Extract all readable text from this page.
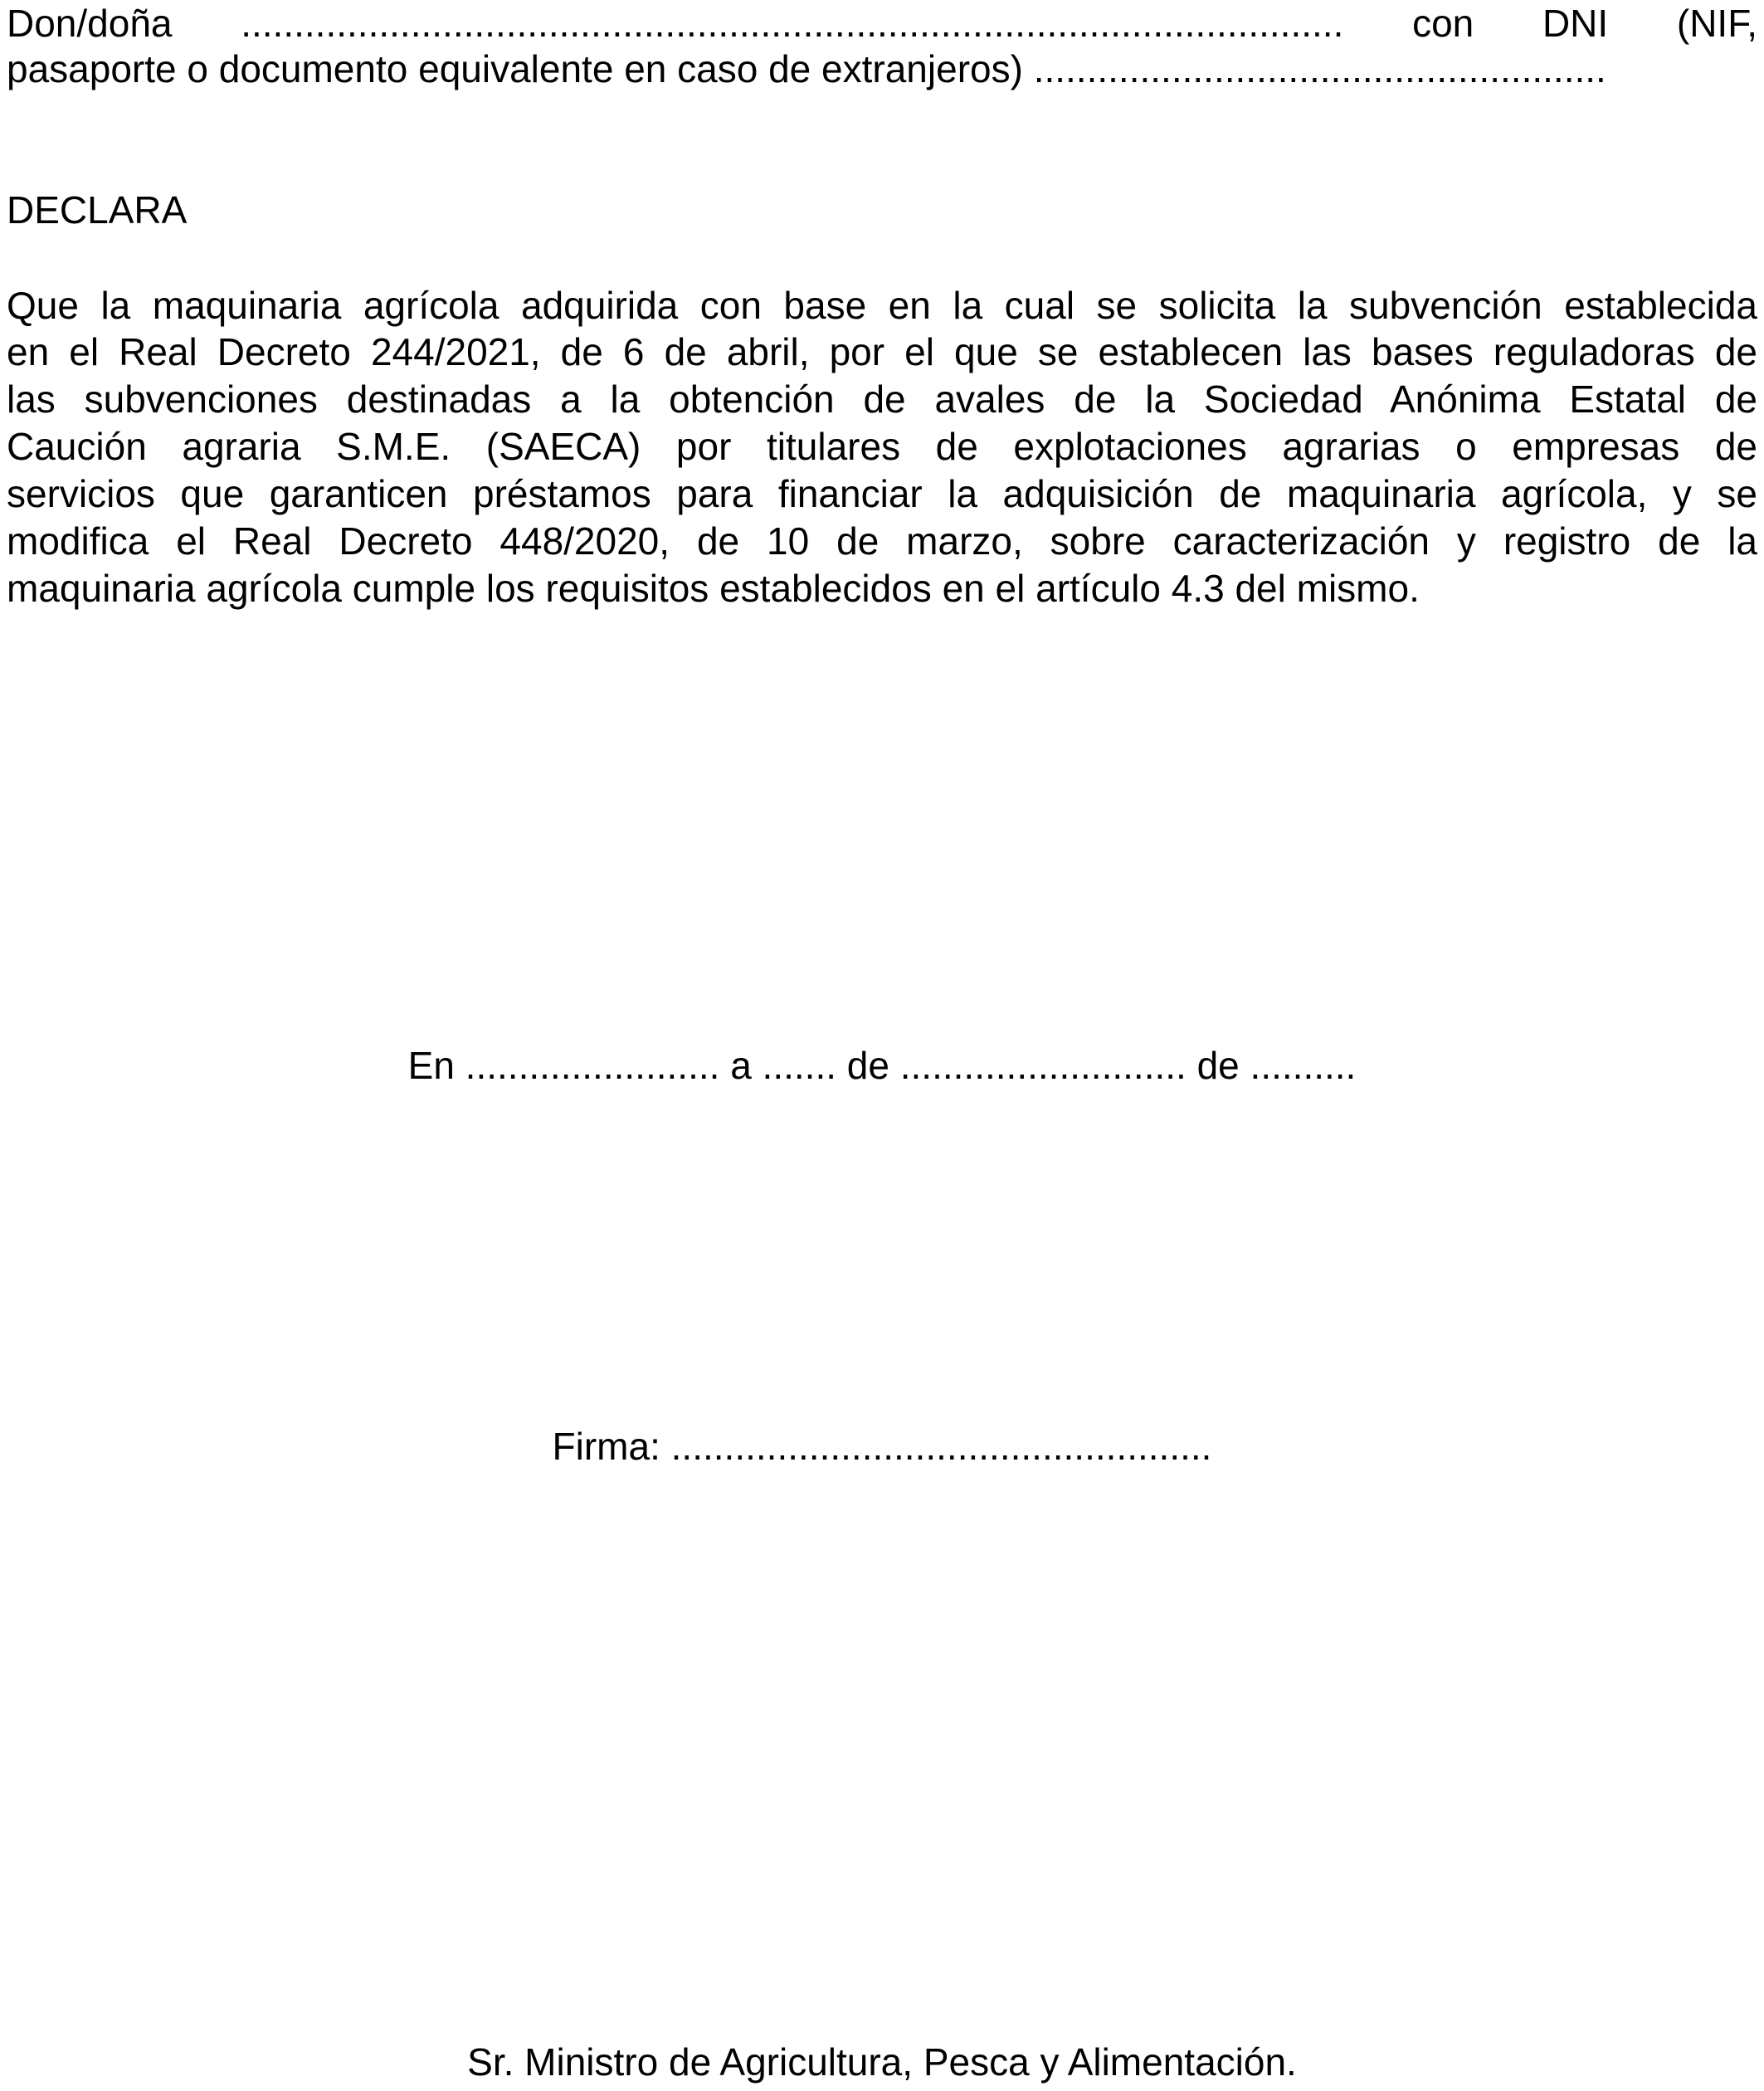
Don/doña ........................................................................................................ con DNI (NIF,
pasaporte o documento equivalente en caso de extranjeros) ......................................................
DECLARA
Que la maquinaria agrícola adquirida con base en la cual se solicita la subvención establecida
en el Real Decreto 244/2021, de 6 de abril, por el que se establecen las bases reguladoras de
las subvenciones destinadas a la obtención de avales de la Sociedad Anónima Estatal de
Caución agraria S.M.E. (SAECA) por titulares de explotaciones agrarias o empresas de
servicios que garanticen préstamos para financiar la adquisición de maquinaria agrícola, y se
modifica el Real Decreto 448/2020, de 10 de marzo, sobre caracterización y registro de la
maquinaria agrícola cumple los requisitos establecidos en el artículo 4.3 del mismo.
En ........................ a ....... de ........................... de ..........
Firma: ...................................................
Sr. Ministro de Agricultura, Pesca y Alimentación.
